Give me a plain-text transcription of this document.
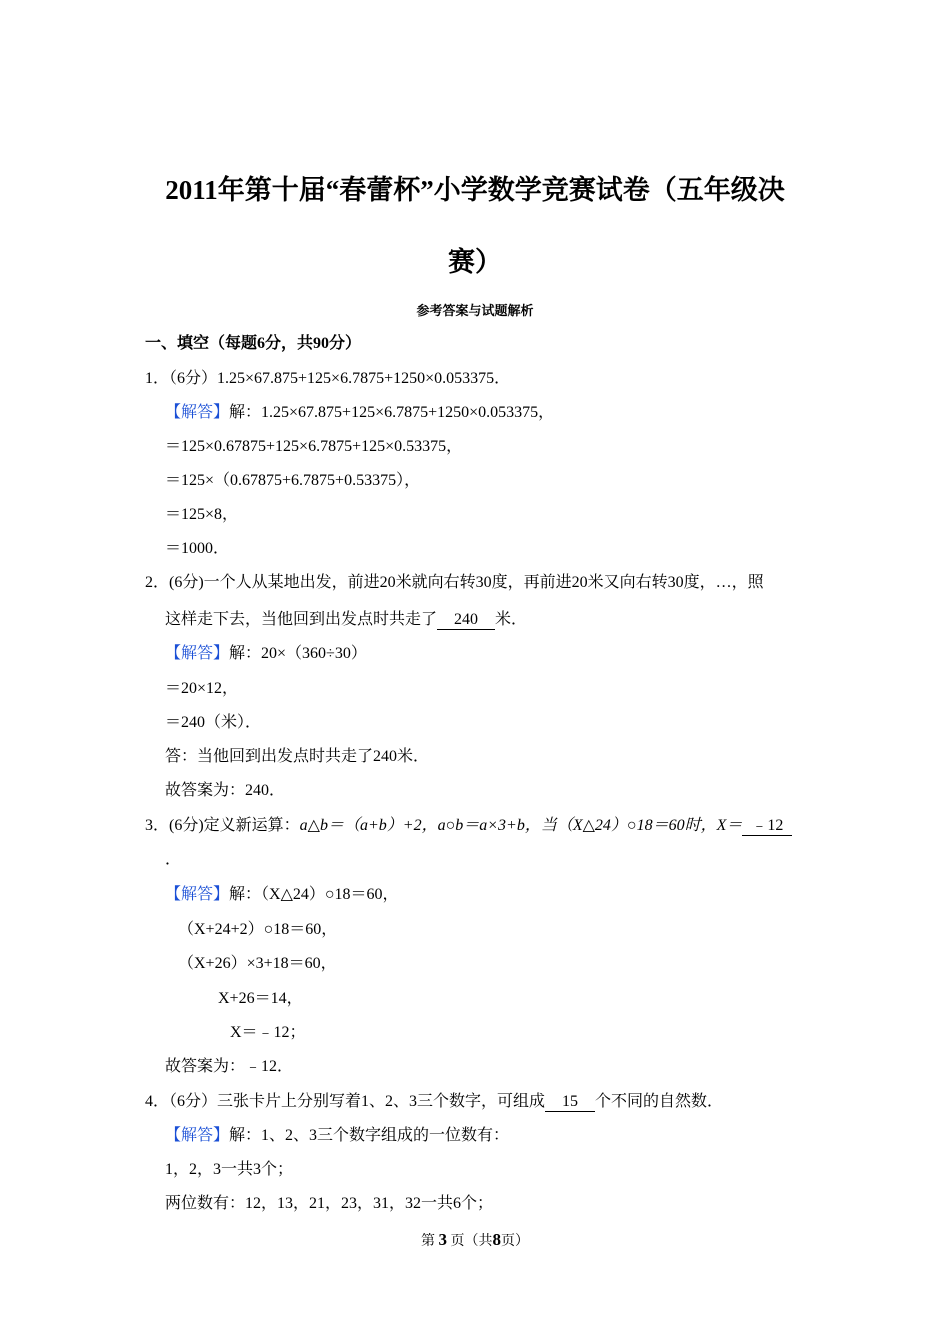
2011年第十届“春蕾杯”小学数学竞赛试卷（五年级决
赛）
参考答案与试题解析
一、填空（每题6分，共90分）
1．（6分）1.25×67.875+125×6.7875+1250×0.053375．
【解答】解：1.25×67.875+125×6.7875+1250×0.053375，
＝125×0.67875+125×6.7875+125×0.53375，
＝125×（0.67875+6.7875+0.53375），
＝125×8，
＝1000．
2．(6分)一个人从某地出发，前进20米就向右转30度，再前进20米又向右转30度，…，照
这样走下去，当他回到出发点时共走了 240 米．
【解答】解：20×（360÷30）
＝20×12，
＝240（米）．
答：当他回到出发点时共走了240米．
故答案为：240．
3．(6分)定义新运算：a△b＝（a+b）+2，a○b＝a×3+b，当（X△24）○18＝60时，X＝ ﹣12
．
【解答】解：（X△24）○18＝60，
（X+24+2）○18＝60，
（X+26）×3+18＝60，
X+26＝14，
X＝﹣12；
故答案为：﹣12．
4．（6分）三张卡片上分别写着1、2、3三个数字，可组成 15 个不同的自然数．
【解答】解：1、2、3三个数字组成的一位数有：
1，2，3一共3个；
两位数有：12，13，21，23，31，32一共6个；
第 3 页（共8页）
